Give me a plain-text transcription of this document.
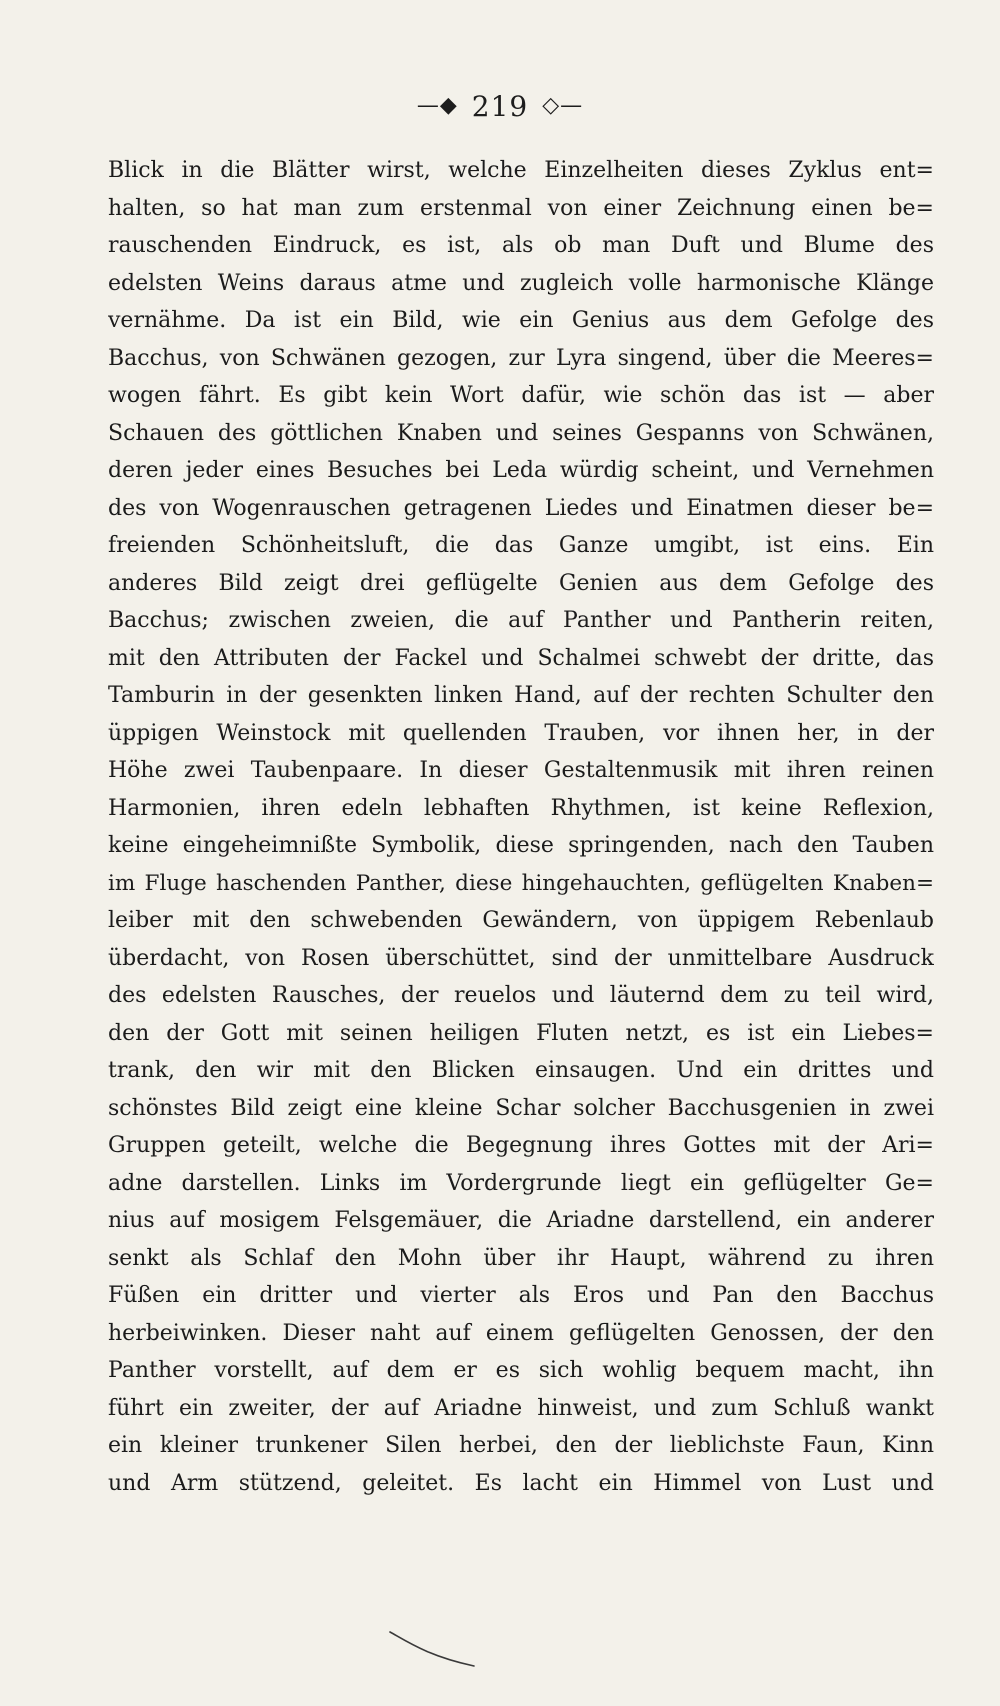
—◆ 219 ◇—
Blick in die Blätter wirst, welche Einzelheiten dieses Zyklus ent=
halten, so hat man zum erstenmal von einer Zeichnung einen be=
rauschenden Eindruck, es ist, als ob man Duft und Blume des
edelsten Weins daraus atme und zugleich volle harmonische Klänge
vernähme. Da ist ein Bild, wie ein Genius aus dem Gefolge des
Bacchus, von Schwänen gezogen, zur Lyra singend, über die Meeres=
wogen fährt. Es gibt kein Wort dafür, wie schön das ist — aber
Schauen des göttlichen Knaben und seines Gespanns von Schwänen,
deren jeder eines Besuches bei Leda würdig scheint, und Vernehmen
des von Wogenrauschen getragenen Liedes und Einatmen dieser be=
freienden Schönheitsluft, die das Ganze umgibt, ist eins. Ein
anderes Bild zeigt drei geflügelte Genien aus dem Gefolge des
Bacchus; zwischen zweien, die auf Panther und Pantherin reiten,
mit den Attributen der Fackel und Schalmei schwebt der dritte, das
Tamburin in der gesenkten linken Hand, auf der rechten Schulter den
üppigen Weinstock mit quellenden Trauben, vor ihnen her, in der
Höhe zwei Taubenpaare. In dieser Gestaltenmusik mit ihren reinen
Harmonien, ihren edeln lebhaften Rhythmen, ist keine Reflexion,
keine eingeheimnißte Symbolik, diese springenden, nach den Tauben
im Fluge haschenden Panther, diese hingehauchten, geflügelten Knaben=
leiber mit den schwebenden Gewändern, von üppigem Rebenlaub
überdacht, von Rosen überschüttet, sind der unmittelbare Ausdruck
des edelsten Rausches, der reuelos und läuternd dem zu teil wird,
den der Gott mit seinen heiligen Fluten netzt, es ist ein Liebes=
trank, den wir mit den Blicken einsaugen. Und ein drittes und
schönstes Bild zeigt eine kleine Schar solcher Bacchusgenien in zwei
Gruppen geteilt, welche die Begegnung ihres Gottes mit der Ari=
adne darstellen. Links im Vordergrunde liegt ein geflügelter Ge=
nius auf mosigem Felsgemäuer, die Ariadne darstellend, ein anderer
senkt als Schlaf den Mohn über ihr Haupt, während zu ihren
Füßen ein dritter und vierter als Eros und Pan den Bacchus
herbeiwinken. Dieser naht auf einem geflügelten Genossen, der den
Panther vorstellt, auf dem er es sich wohlig bequem macht, ihn
führt ein zweiter, der auf Ariadne hinweist, und zum Schluß wankt
ein kleiner trunkener Silen herbei, den der lieblichste Faun, Kinn
und Arm stützend, geleitet. Es lacht ein Himmel von Lust und
